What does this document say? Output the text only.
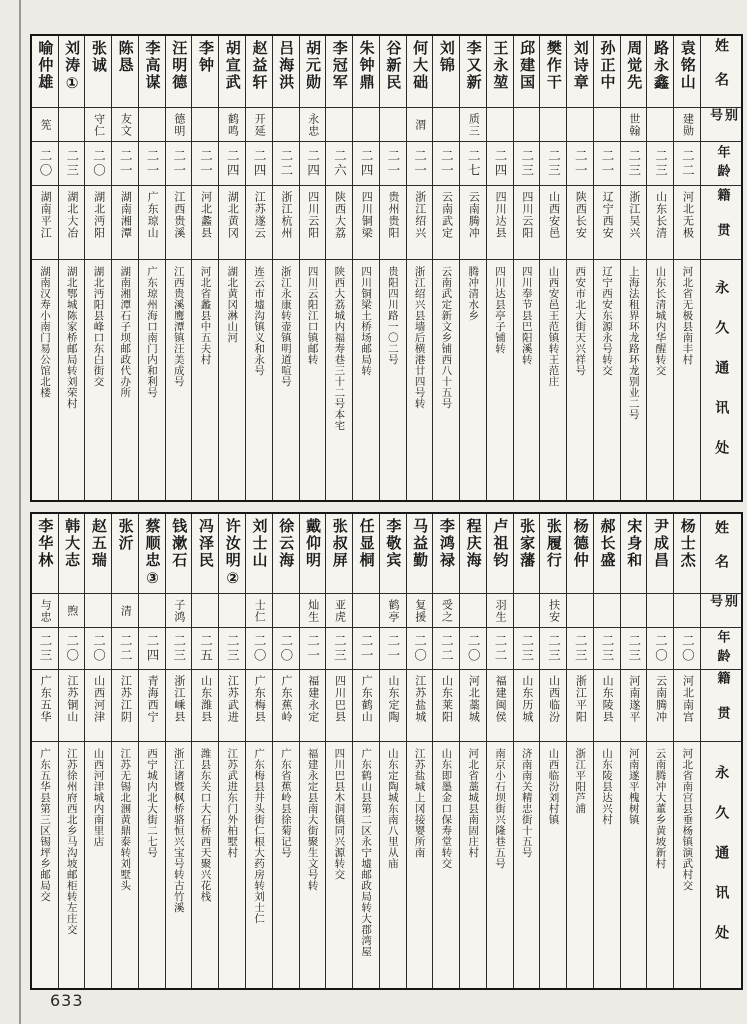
姓名
别号
年龄
籍贯
永久通讯处
袁铭山
建勋
二二
河北无极
河北省无极县南丰村
路永鑫
二三
山东长清
山东长清城内华醒转交
周觉先
世翰
二三
浙江吴兴
上海法租界环龙路环龙别业二号
孙正中
二一
辽宁西安
辽宁西安东源永号转交
刘诗章
二一
陕西长安
西安市北大街天兴祥号
樊作干
二三
山西安邑
山西安邑王范镇转王范庄
邱建国
二三
四川云阳
四川奉节县巴阳溪转
王永堃
二四
四川达县
四川达县亭子铺转
李又新
质三
二七
云南腾冲
腾冲清水乡
刘锦
二一
云南武定
云南武定新文乡铺西八十五号
何大础
渭
二一
浙江绍兴
浙江绍兴县墙后横港廿四号转
谷新民
二一
贵州贵阳
贵阳四川路一〇二号
朱钟鼎
二四
四川铜梁
四川铜梁土桥场邮局转
李冠军
二六
陕西大荔
陕西大荔城内福寿巷三十二号本宅
胡元勋
永忠
二四
四川云阳
四川云阳江口镇邮转
吕海洪
二二
浙江杭州
浙江永康转壶镇明道喧号
赵益轩
开延
二四
江苏遂云
连云市墟沟镇义和永号
胡宣武
鹤鸣
二四
湖北黄冈
湖北黄冈淋山河
李钟
二一
河北蠡县
河北省蠡县中五夫村
汪明德
德明
二一
江西贵溪
江西贵溪鹰潭镇汪美成号
李高谋
二一
广东琼山
广东琼州海口南门内和利号
陈恳
友文
二一
湖南湘潭
湖南湘潭石子坝邮政代办所
张诚
守仁
二〇
湖北沔阳
湖北沔阳县峰口东白街交
刘涛①
二三
湖北大冶
湖北鄂城陈家桥邮局转刘荣村
喻仲雄
筅
二〇
湖南平江
湖南汉寿小南门易公馆北楼
姓名
别号
年龄
籍贯
永久通讯处
杨士杰
二〇
河北南宫
河北省南宫县垂杨镇演武村交
尹成昌
二〇
云南腾冲
云南腾冲大董乡黄坡新村
宋身和
二三
河南遂平
河南遂平槐树镇
郝长盛
二三
山东陵县
山东陵县达兴村
杨德仲
二三
浙江平阳
浙江平阳芦浦
张履行
扶安
二三
山西临汾
山西临汾刘村镇
张家藩
二三
山东历城
济南南关精忠街十五号
卢祖钧
羽生
二二
福建闽侯
南京小石坝街兴隆巷五号
程庆海
二〇
河北藁城
河北省藁城县南固庄村
李鸿禄
受之
二二
山东莱阳
山东即墨金口保寿堂转交
马益勤
复援
二〇
江苏盐城
江苏盐城上冈接婴所南
李敬宾
鹤亭
二一
山东定陶
山东定陶城东南八里从庙
任显桐
二一
广东鹤山
广东鹤山县第二区永宁墟邮政局转大郡湾屋
张叔屏
亚虎
二三
四川巴县
四川巴县木洞镇同兴源转交
戴仰明
灿生
二一
福建永定
福建永定县南大街聚生文号转
徐云海
二〇
广东蕉岭
广东省蕉岭县徐菊记号
刘士山
士仁
二〇
广东梅县
广东梅县井头街仁根大药房转刘士仁
许汝明②
二三
江苏武进
江苏武进东门外柏墅村
冯泽民
二五
山东潍县
潍县东关口大石桥西天聚兴花栈
钱漱石
子鸿
二三
浙江嵊县
浙江诸暨枫桥骆恒兴宝号转古竹溪
蔡顺忠③
二四
青海西宁
西宁城内北大街二七号
张沂
清
二二
江苏江阴
江苏无锡北涠黄鼎泰转刘墅头
赵五瑞
二〇
山西河津
山西河津城内南里店
韩大志
煦
二〇
江苏铜山
江苏徐州府西北乡马沟坡邮柜转左庄交
李华林
与忠
二三
广东五华
广东五华县第三区锡坪乡邮局交
633
